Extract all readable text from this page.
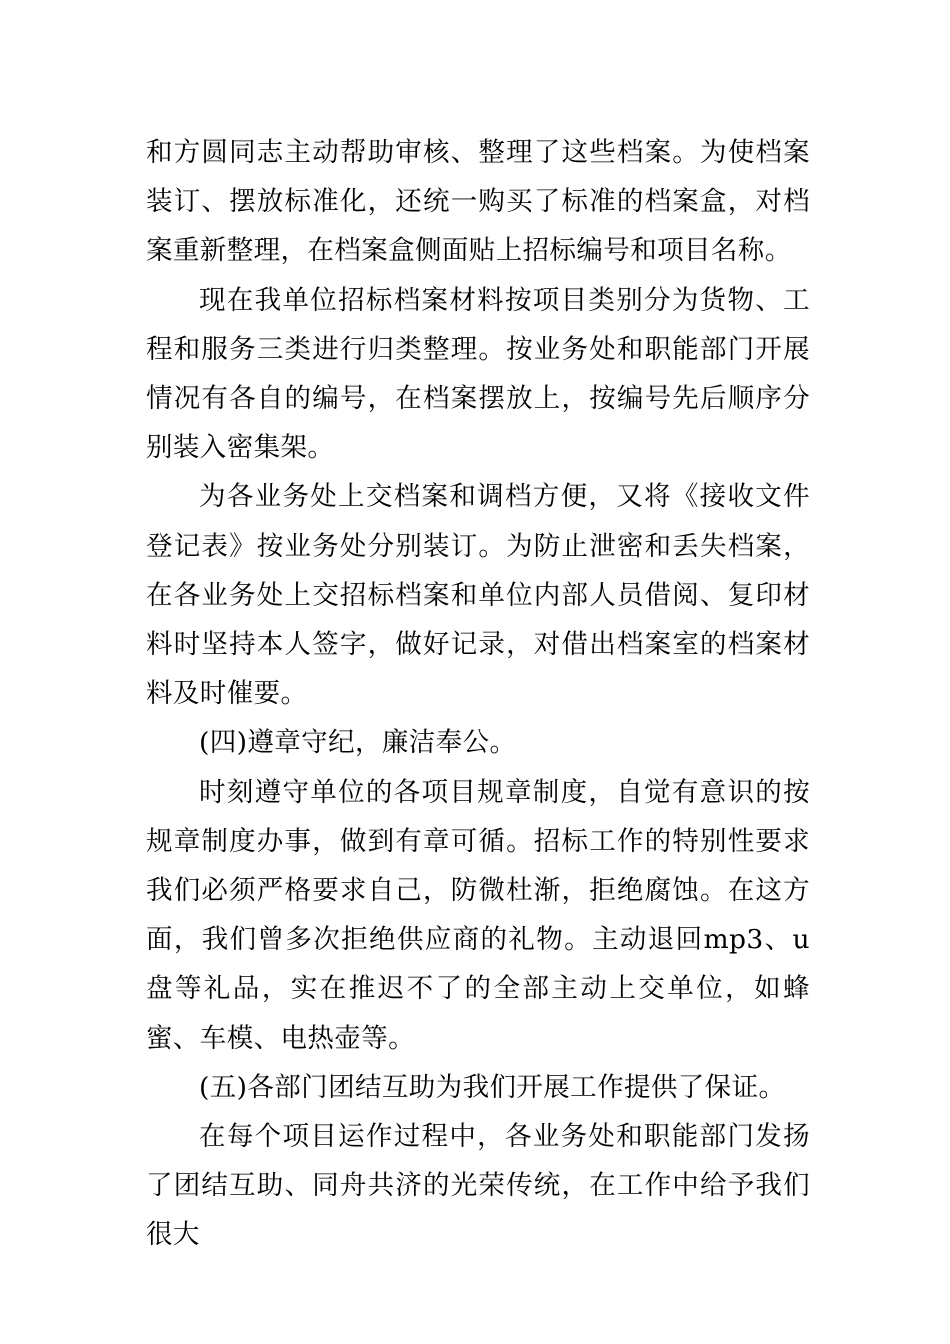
和方圆同志主动帮助审核、整理了这些档案。为使档案装订、摆放标准化，还统一购买了标准的档案盒，对档案重新整理，在档案盒侧面贴上招标编号和项目名称。

现在我单位招标档案材料按项目类别分为货物、工程和服务三类进行归类整理。按业务处和职能部门开展情况有各自的编号，在档案摆放上，按编号先后顺序分别装入密集架。

为各业务处上交档案和调档方便，又将《接收文件登记表》按业务处分别装订。为防止泄密和丢失档案，在各业务处上交招标档案和单位内部人员借阅、复印材料时坚持本人签字，做好记录，对借出档案室的档案材料及时催要。

(四)遵章守纪，廉洁奉公。

时刻遵守单位的各项目规章制度，自觉有意识的按规章制度办事，做到有章可循。招标工作的特别性要求我们必须严格要求自己，防微杜渐，拒绝腐蚀。在这方面，我们曾多次拒绝供应商的礼物。主动退回mp3、u盘等礼品，实在推迟不了的全部主动上交单位，如蜂蜜、车模、电热壶等。

(五)各部门团结互助为我们开展工作提供了保证。

在每个项目运作过程中，各业务处和职能部门发扬了团结互助、同舟共济的光荣传统，在工作中给予我们很大
